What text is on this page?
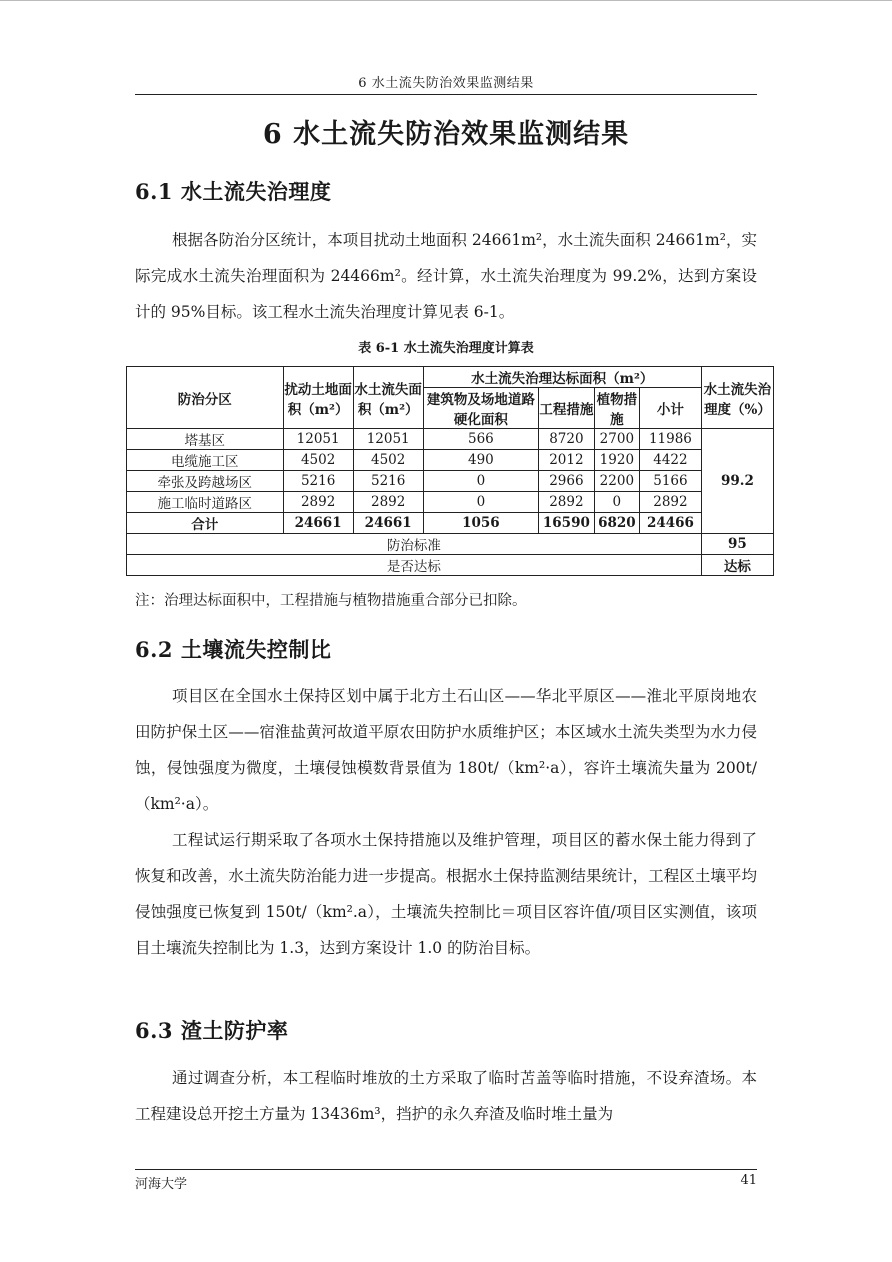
6 水土流失防治效果监测结果
6 水土流失防治效果监测结果
6.1 水土流失治理度

根据各防治分区统计，本项目扰动土地面积 24661m²，水土流失面积 24661m²，实际完成水土流失治理面积为 24466m²。经计算，水土流失治理度为 99.2%，达到方案设计的 95%目标。该工程水土流失治理度计算见表 6-1。

表 6-1 水土流失治理度计算表
防治分区	扰动土地面积（m²）	水土流失面积（m²）	水土流失治理达标面积（m²）				水土流失治理度（%）
			建筑物及场地道路硬化面积	工程措施	植物措施	小计	
塔基区	12051	12051	566	8720	2700	11986	99.2
电缆施工区	4502	4502	490	2012	1920	4422	
牵张及跨越场区	5216	5216	0	2966	2200	5166	
施工临时道路区	2892	2892	0	2892	0	2892	
合计	24661	24661	1056	16590	6820	24466	
防治标准							95
是否达标							达标
注：治理达标面积中，工程措施与植物措施重合部分已扣除。
6.2 土壤流失控制比

项目区在全国水土保持区划中属于北方土石山区——华北平原区——淮北平原岗地农田防护保土区——宿淮盐黄河故道平原农田防护水质维护区；本区域水土流失类型为水力侵蚀，侵蚀强度为微度，土壤侵蚀模数背景值为 180t/（km²·a），容许土壤流失量为 200t/（km²·a）。

工程试运行期采取了各项水土保持措施以及维护管理，项目区的蓄水保土能力得到了恢复和改善，水土流失防治能力进一步提高。根据水土保持监测结果统计，工程区土壤平均侵蚀强度已恢复到 150t/（km².a），土壤流失控制比＝项目区容许值/项目区实测值，该项目土壤流失控制比为 1.3，达到方案设计 1.0 的防治目标。

6.3 渣土防护率

通过调查分析，本工程临时堆放的土方采取了临时苫盖等临时措施，不设弃渣场。本工程建设总开挖土方量为 13436m³，挡护的永久弃渣及临时堆土量为

河海大学	41
